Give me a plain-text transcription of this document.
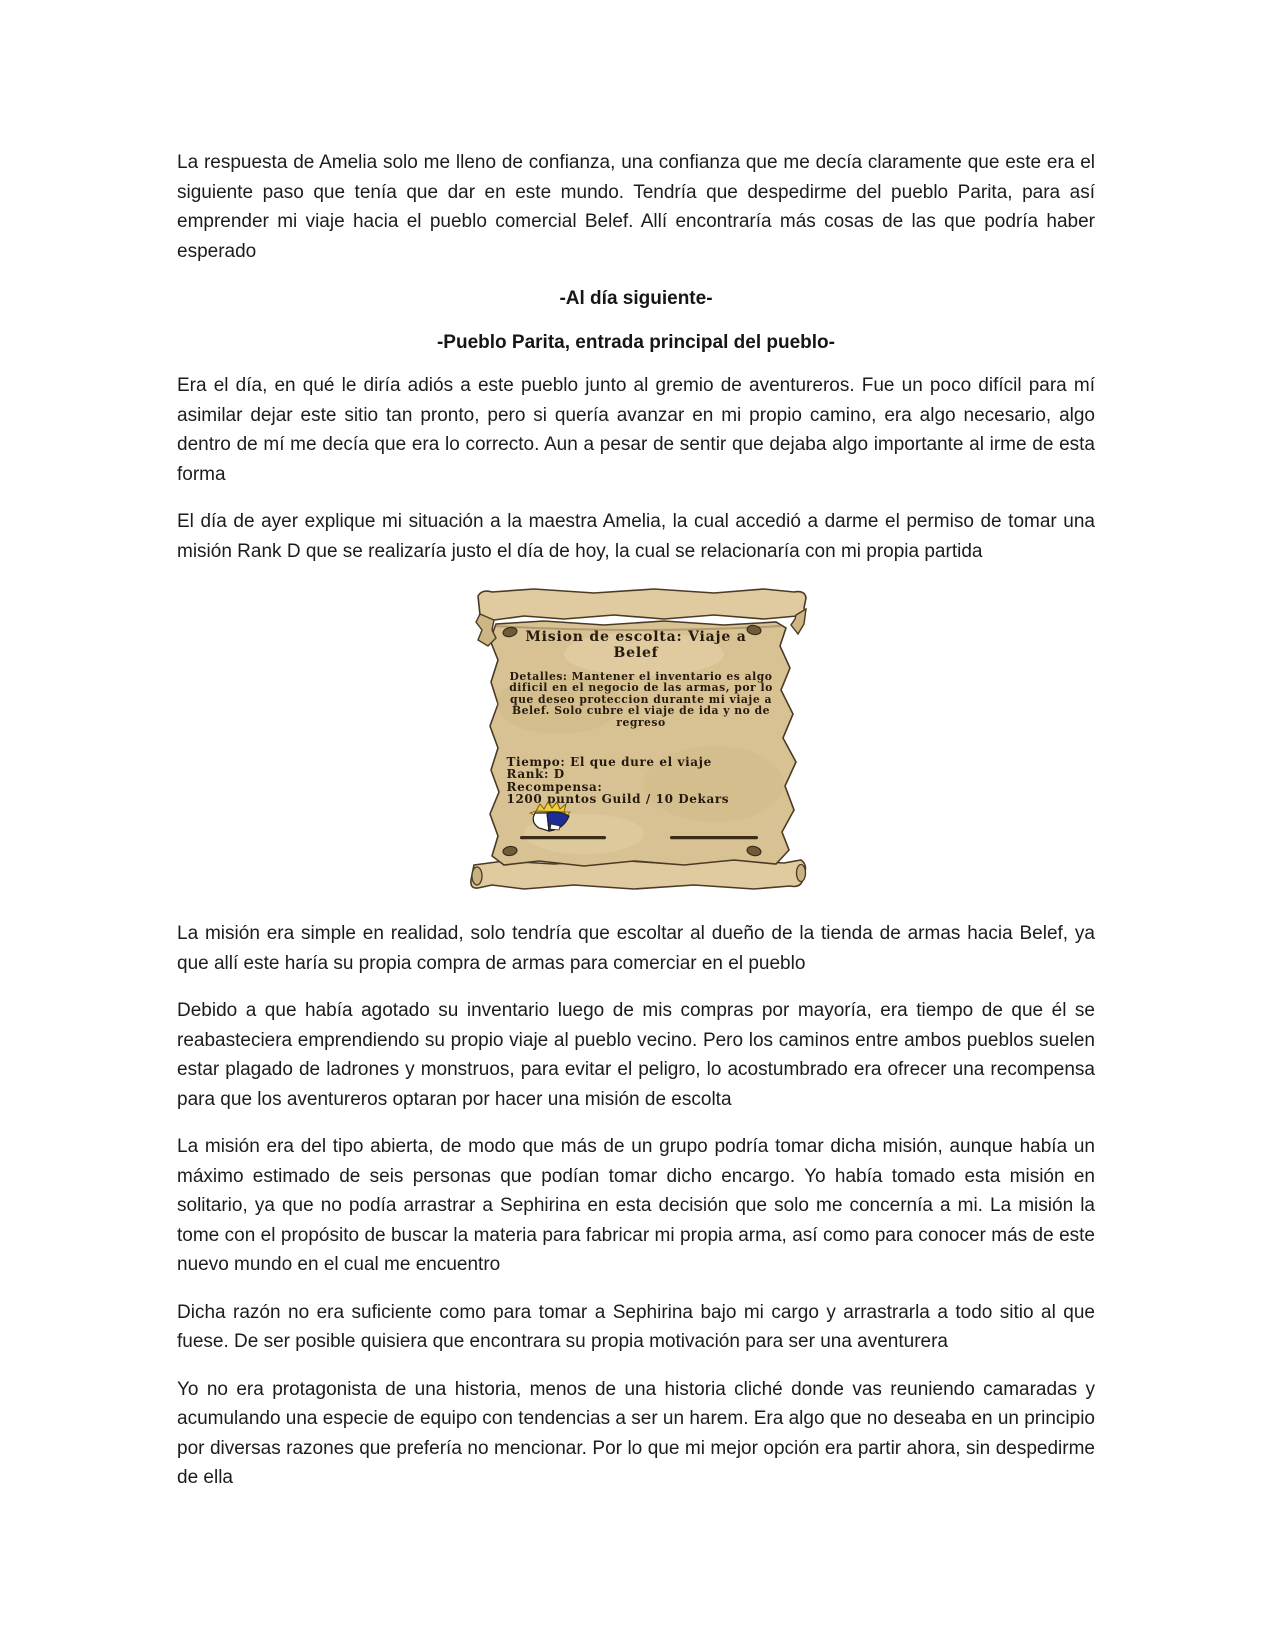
La respuesta de Amelia solo me lleno de confianza, una confianza que me decía claramente que este era el siguiente paso que tenía que dar en este mundo. Tendría que despedirme del pueblo Parita, para así emprender mi viaje hacia el pueblo comercial Belef. Allí encontraría más cosas de las que podría haber esperado

-Al día siguiente-

-Pueblo Parita, entrada principal del pueblo-

Era el día, en qué le diría adiós a este pueblo junto al gremio de aventureros. Fue un poco difícil para mí asimilar dejar este sitio tan pronto, pero si quería avanzar en mi propio camino, era algo necesario, algo dentro de mí me decía que era lo correcto. Aun a pesar de sentir que dejaba algo importante al irme de esta forma

El día de ayer explique mi situación a la maestra Amelia, la cual accedió a darme el permiso de tomar una misión Rank D que se realizaría justo el día de hoy, la cual se relacionaría con mi propia partida

Mision de escolta: Viaje a Belef
Detalles: Mantener el inventario es algo dificil en el negocio de las armas, por lo que deseo proteccion durante mi viaje a Belef. Solo cubre el viaje de ida y no de regreso
Tiempo: El que dure el viaje
Rank: D
Recompensa:
1200 puntos Guild / 10 Dekars

La misión era simple en realidad, solo tendría que escoltar al dueño de la tienda de armas hacia Belef, ya que allí este haría su propia compra de armas para comerciar en el pueblo

Debido a que había agotado su inventario luego de mis compras por mayoría, era tiempo de que él se reabasteciera emprendiendo su propio viaje al pueblo vecino. Pero los caminos entre ambos pueblos suelen estar plagado de ladrones y monstruos, para evitar el peligro, lo acostumbrado era ofrecer una recompensa para que los aventureros optaran por hacer una misión de escolta

La misión era del tipo abierta, de modo que más de un grupo podría tomar dicha misión, aunque había un máximo estimado de seis personas que podían tomar dicho encargo. Yo había tomado esta misión en solitario, ya que no podía arrastrar a Sephirina en esta decisión que solo me concernía a mi. La misión la tome con el propósito de buscar la materia para fabricar mi propia arma, así como para conocer más de este nuevo mundo en el cual me encuentro

Dicha razón no era suficiente como para tomar a Sephirina bajo mi cargo y arrastrarla a todo sitio al que fuese. De ser posible quisiera que encontrara su propia motivación para ser una aventurera

Yo no era protagonista de una historia, menos de una historia cliché donde vas reuniendo camaradas y acumulando una especie de equipo con tendencias a ser un harem. Era algo que no deseaba en un principio por diversas razones que prefería no mencionar. Por lo que mi mejor opción era partir ahora, sin despedirme de ella
